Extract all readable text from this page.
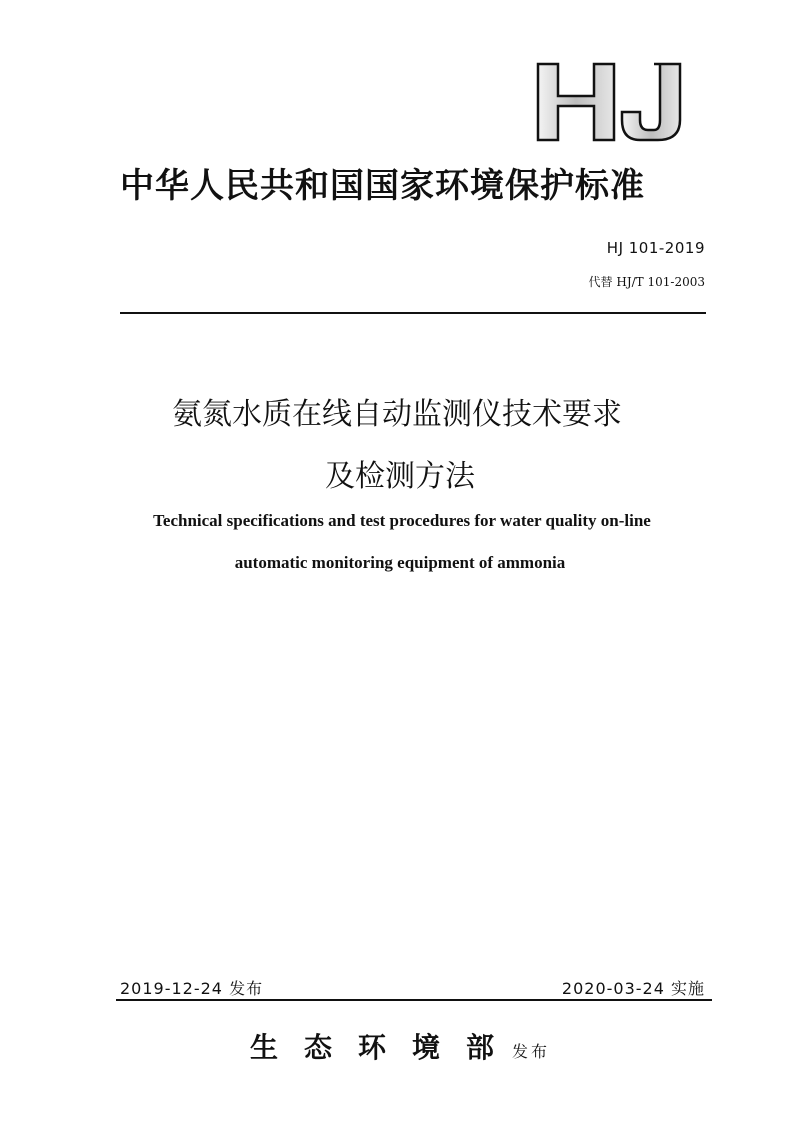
中华人民共和国国家环境保护标准
HJ 101-2019
代替 HJ/T 101-2003
氨氮水质在线自动监测仪技术要求
及检测方法
Technical specifications and test procedures for water quality on-line
automatic monitoring equipment of ammonia
2019-12-24 发布	2020-03-24 实施
生态环境部发布
